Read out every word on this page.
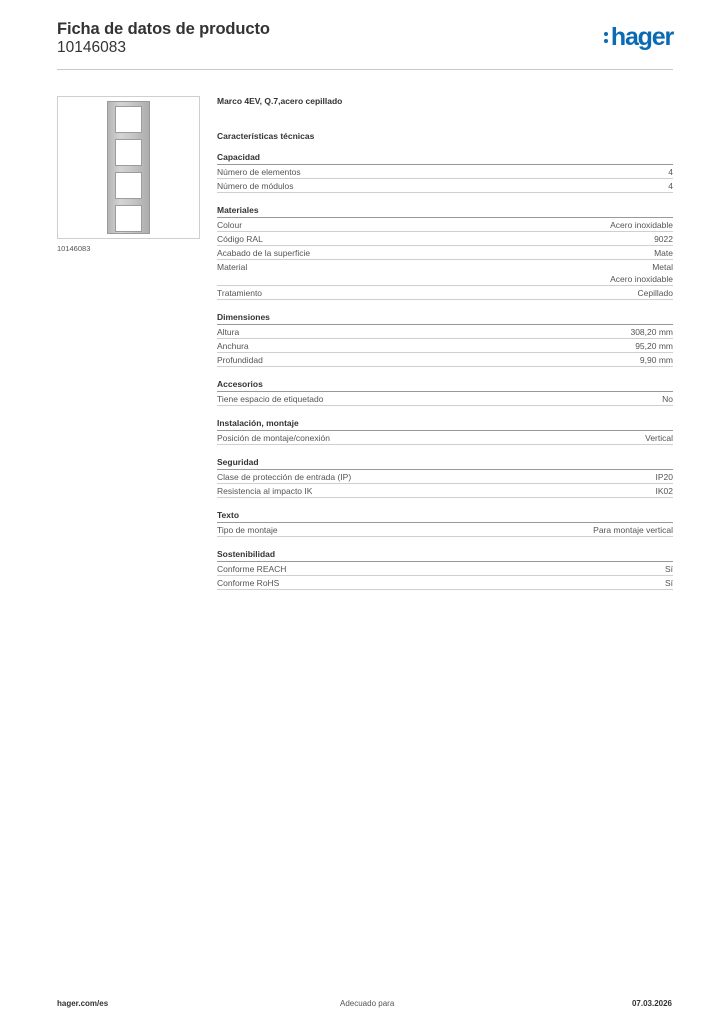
Ficha de datos de producto
10146083	hager
10146083
Marco 4EV, Q.7,acero cepillado
Características técnicas
Capacidad
Número de elementos	4
Número de módulos	4
Materiales
Colour	Acero inoxidable
Código RAL	9022
Acabado de la superficie	Mate
Material	Metal
Acero inoxidable
Tratamiento	Cepillado
Dimensiones
Altura	308,20 mm
Anchura	95,20 mm
Profundidad	9,90 mm
Accesorios
Tiene espacio de etiquetado	No
Instalación, montaje
Posición de montaje/conexión	Vertical
Seguridad
Clase de protección de entrada (IP)	IP20
Resistencia al impacto IK	IK02
Texto
Tipo de montaje	Para montaje vertical
Sostenibilidad
Conforme REACH	Sí
Conforme RoHS	Sí
hager.com/es	Adecuado para	07.03.2026
